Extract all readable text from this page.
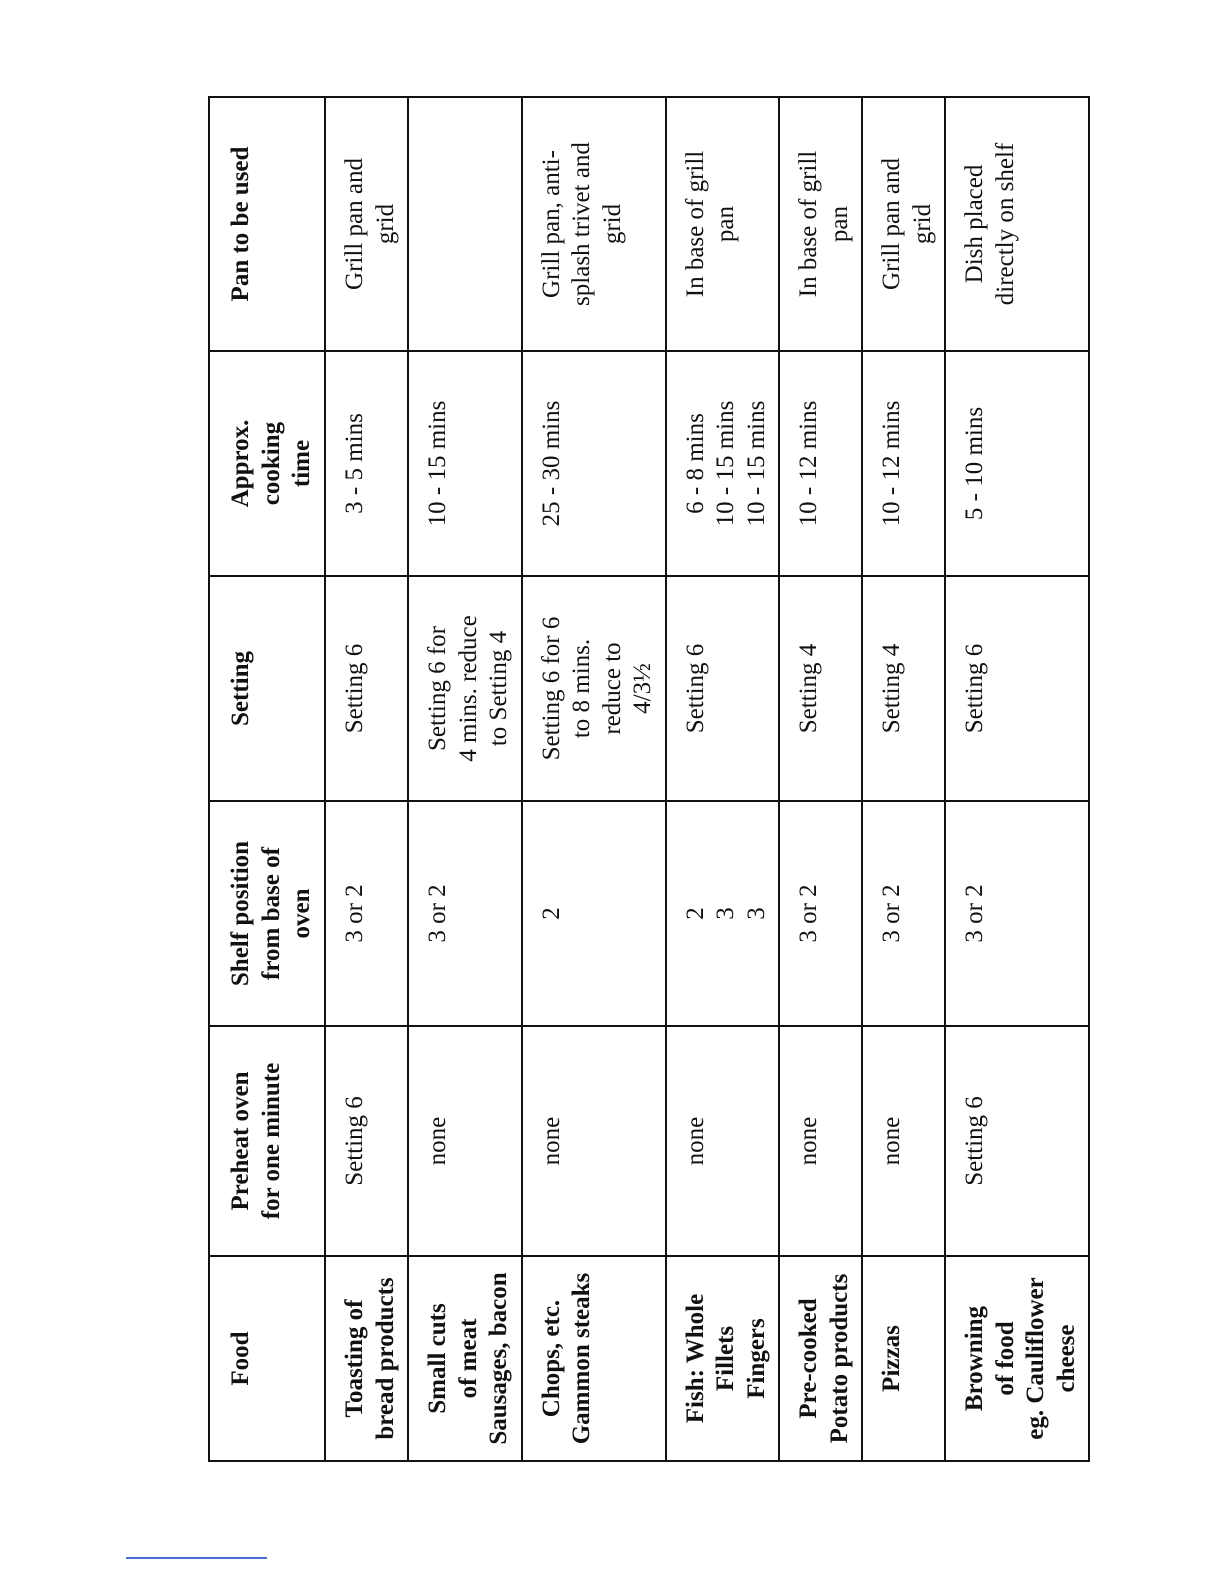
Food	Preheat oven for one minute	Shelf position from base of oven	Setting	Approx. cooking time	Pan to be used

Toasting of bread products	Setting 6	3 or 2	Setting 6	3 - 5 mins	Grill pan and grid

Small cuts of meat Sausages, bacon	none	3 or 2	Setting 6 for 4 mins. reduce to Setting 4	10 - 15 mins	

Chops, etc. Gammon steaks	none	2	Setting 6 for 6 to 8 mins. reduce to 4/3½	25 - 30 mins	Grill pan, anti- splash trivet and grid

Fish: Whole Fillets Fingers	none	2 3 3	Setting 6	6 - 8 mins 10 - 15 mins 10 - 15 mins	In base of grill pan

Pre-cooked Potato products	none	3 or 2	Setting 4	10 - 12 mins	In base of grill pan

Pizzas	none	3 or 2	Setting 4	10 - 12 mins	Grill pan and grid

Browning of food eg. Cauliflower cheese	Setting 6	3 or 2	Setting 6	5 - 10 mins	Dish placed directly on shelf
